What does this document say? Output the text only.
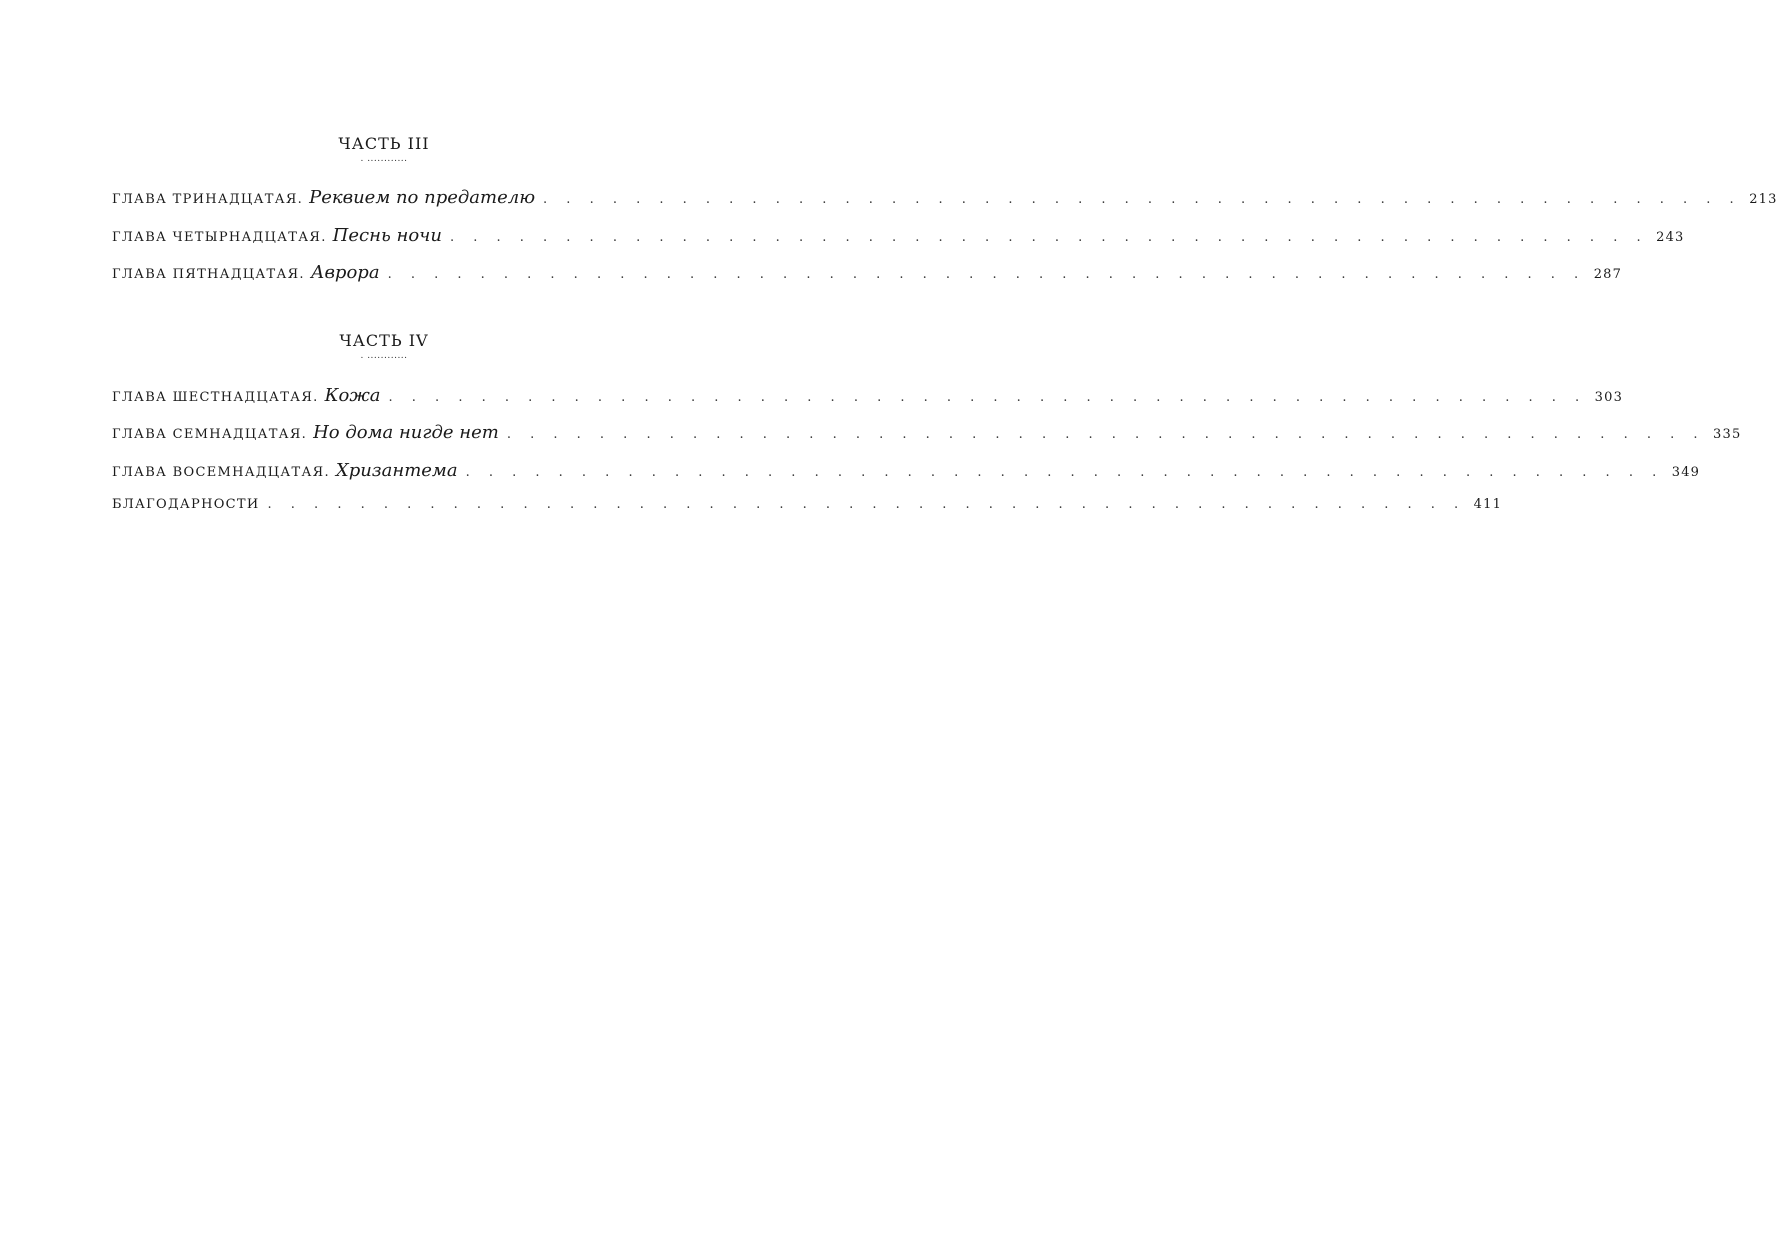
ЧАСТЬ III
. ............
ГЛАВА ТРИНАДЦАТАЯ. Реквием по предателю . . . . . . . . . . . . . . . . . . . . . . . . . . . . . . . . . . . . . . . . . . . . . . . . . . . . 213
ГЛАВА ЧЕТЫРНАДЦАТАЯ. Песнь ночи . . . . . . . . . . . . . . . . . . . . . . . . . . . . . . . . . . . . . . . . . . . . . . . . . . . . 243
ГЛАВА ПЯТНАДЦАТАЯ. Аврора . . . . . . . . . . . . . . . . . . . . . . . . . . . . . . . . . . . . . . . . . . . . . . . . . . . . 287
ЧАСТЬ IV
. ............
ГЛАВА ШЕСТНАДЦАТАЯ. Кожа . . . . . . . . . . . . . . . . . . . . . . . . . . . . . . . . . . . . . . . . . . . . . . . . . . . . 303
ГЛАВА СЕМНАДЦАТАЯ. Но дома нигде нет . . . . . . . . . . . . . . . . . . . . . . . . . . . . . . . . . . . . . . . . . . . . . . . . . . . . 335
ГЛАВА ВОСЕМНАДЦАТАЯ. Хризантема . . . . . . . . . . . . . . . . . . . . . . . . . . . . . . . . . . . . . . . . . . . . . . . . . . . . 349
БЛАГОДАРНОСТИ . . . . . . . . . . . . . . . . . . . . . . . . . . . . . . . . . . . . . . . . . . . . . . . . . . . . 411
